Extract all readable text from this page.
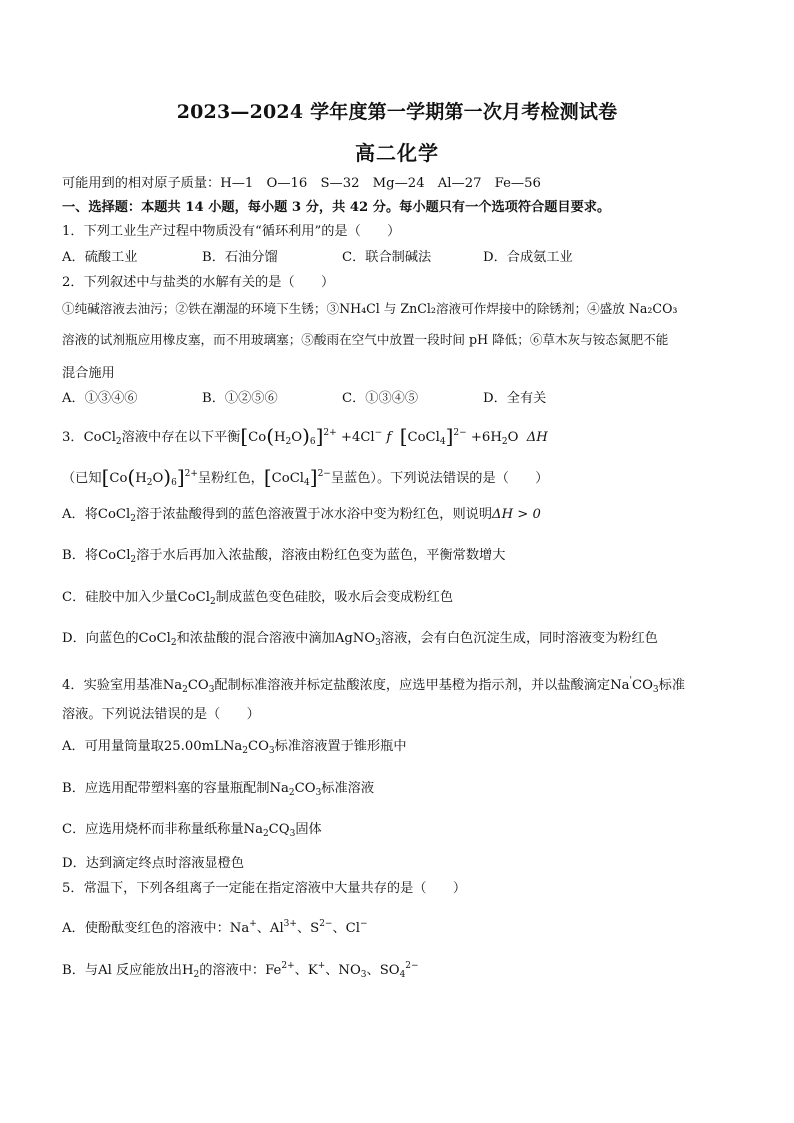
2023—2024 学年度第一学期第一次月考检测试卷
高二化学
可能用到的相对原子质量：H—1　O—16　S—32　Mg—24　Al—27　Fe—56
一、选择题：本题共 14 小题，每小题 3 分，共 42 分。每小题只有一个选项符合题目要求。
1．下列工业生产过程中物质没有“循环利用”的是（　　）
A．硫酸工业	B．石油分馏	C．联合制碱法	D．合成氨工业
2．下列叙述中与盐类的水解有关的是（　　）
①纯碱溶液去油污；②铁在潮湿的环境下生锈；③NH₄Cl 与 ZnCl₂溶液可作焊接中的除锈剂；④盛放 Na₂CO₃
溶液的试剂瓶应用橡皮塞，而不用玻璃塞；⑤酸雨在空气中放置一段时间 pH 降低；⑥草木灰与铵态氮肥不能
混合施用
A．①③④⑥	B．①②⑤⑥	C．①③④⑤	D．全有关
3．CoCl$_2$溶液中存在以下平衡$[Co(H_2O)_6]^{2+} +4Cl^-$ f [CoCl$_4$]$^{2-}$ $+6H_2O$ ΔH
（已知$[Co(H_2O)_6]^{2+}$呈粉红色，[CoCl$_4$]$^{2-}$呈蓝色）。下列说法错误的是（　　）
A．将CoCl$_2$溶于浓盐酸得到的蓝色溶液置于冰水浴中变为粉红色，则说明ΔH > 0
B．将CoCl$_2$溶于水后再加入浓盐酸，溶液由粉红色变为蓝色，平衡常数增大
C．硅胶中加入少量CoCl$_2$制成蓝色变色硅胶，吸水后会变成粉红色
D．向蓝色的CoCl$_2$和浓盐酸的混合溶液中滴加AgNO$_3$溶液，会有白色沉淀生成，同时溶液变为粉红色
4．实验室用基准$Na_2CO_3$配制标准溶液并标定盐酸浓度，应选甲基橙为指示剂，并以盐酸滴定$Na'CO_3$标准
溶液。下列说法错误的是（　　）
A．可用量筒量取$25.00mLNa_2CO_3$标准溶液置于锥形瓶中
B．应选用配带塑料塞的容量瓶配制$Na_2CO_3$标准溶液
C．应选用烧杯而非称量纸称量$Na_2CQ_3$固体
D．达到滴定终点时溶液显橙色
5．常温下，下列各组离子一定能在指定溶液中大量共存的是（　　）
A．使酚酞变红色的溶液中：Na+、$Al^{3+}$、$S^{2-}$、Cl−
B．与Al 反应能放出$H_2$的溶液中：$Fe^{2+}$、K+、$NO_3$、$SO_4^{2-}$
